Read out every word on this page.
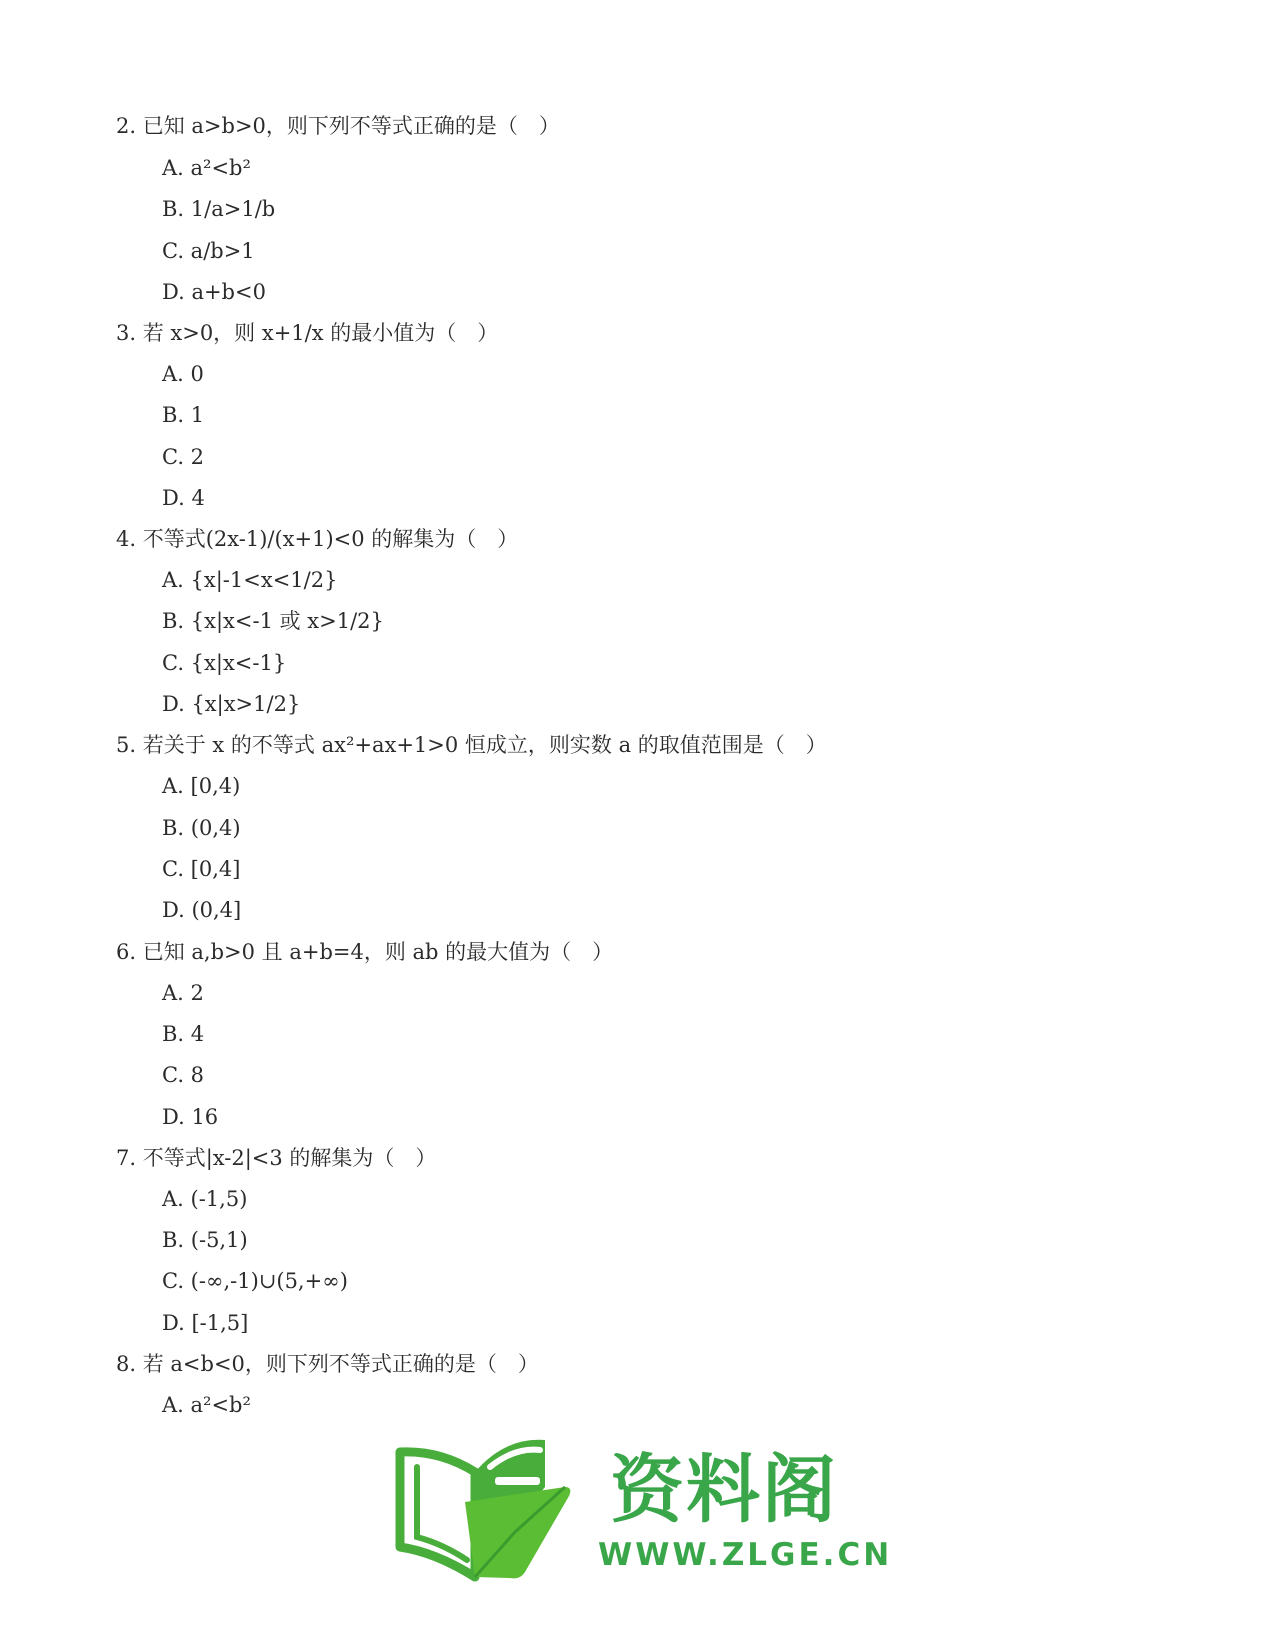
2. 已知 a>b>0，则下列不等式正确的是（　）
A. a²<b²
B. 1/a>1/b
C. a/b>1
D. a+b<0
3. 若 x>0，则 x+1/x 的最小值为（　）
A. 0
B. 1
C. 2
D. 4
4. 不等式(2x-1)/(x+1)<0 的解集为（　）
A. {x|-1<x<1/2}
B. {x|x<-1 或 x>1/2}
C. {x|x<-1}
D. {x|x>1/2}
5. 若关于 x 的不等式 ax²+ax+1>0 恒成立，则实数 a 的取值范围是（　）
A. [0,4)
B. (0,4)
C. [0,4]
D. (0,4]
6. 已知 a,b>0 且 a+b=4，则 ab 的最大值为（　）
A. 2
B. 4
C. 8
D. 16
7. 不等式|x-2|<3 的解集为（　）
A. (-1,5)
B. (-5,1)
C. (-∞,-1)∪(5,+∞)
D. [-1,5]
8. 若 a<b<0，则下列不等式正确的是（　）
A. a²<b²
资料阁
WWW.ZLGE.CN
